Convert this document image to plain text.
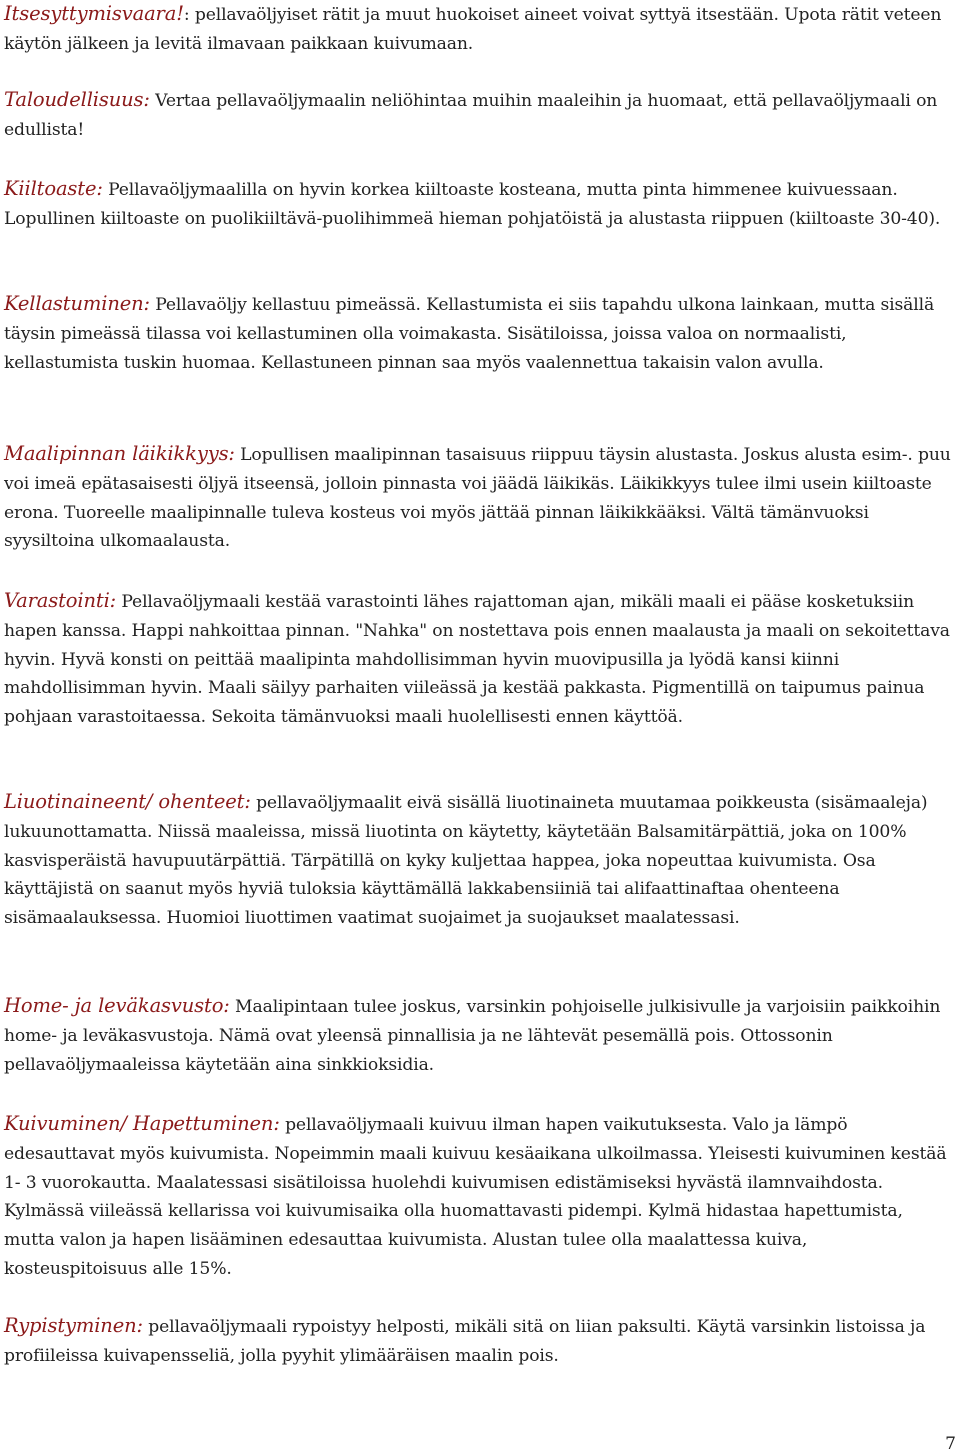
Itsesyttymisvaara!: pellavaöljyiset rätit ja muut huokoiset aineet voivat syttyä itsestään. Upota rätit veteen käytön jälkeen ja levitä ilmavaan paikkaan kuivumaan.

Taloudellisuus: Vertaa pellavaöljymaalin neliöhintaa muihin maaleihin ja huomaat, että pellavaöljymaali on edullista!

Kiiltoaste: Pellavaöljymaalilla on hyvin korkea kiiltoaste kosteana, mutta pinta himmenee kuivuessaan. Lopullinen kiiltoaste on puolikiiltävä-puolihimmeä hieman pohjatöistä ja alustasta riippuen (kiiltoaste 30-40).

Kellastuminen: Pellavaöljy kellastuu pimeässä. Kellastumista ei siis tapahdu ulkona lainkaan, mutta sisällä täysin pimeässä tilassa voi kellastuminen olla voimakasta. Sisätiloissa, joissa valoa on normaalisti, kellastumista tuskin huomaa. Kellastuneen pinnan saa myös vaalennettua takaisin valon avulla.

Maalipinnan läikikkyys: Lopullisen maalipinnan tasaisuus riippuu täysin alustasta. Joskus alusta esim-. puu voi imeä epätasaisesti öljyä itseensä, jolloin pinnasta voi jäädä läikikäs. Läikikkyys tulee ilmi usein kiiltoaste erona. Tuoreelle maalipinnalle tuleva kosteus voi myös jättää pinnan läikikkääksi. Vältä tämänvuoksi syysiltoina ulkomaalausta.

Varastointi: Pellavaöljymaali kestää varastointi lähes rajattoman ajan, mikäli maali ei pääse kosketuksiin hapen kanssa. Happi nahkoittaa pinnan. "Nahka" on nostettava pois ennen maalausta ja maali on sekoitettava hyvin. Hyvä konsti on peittää maalipinta mahdollisimman hyvin muovipusilla ja lyödä kansi kiinni mahdollisimman hyvin. Maali säilyy parhaiten viileässä ja kestää pakkasta. Pigmentillä on taipumus painua pohjaan varastoitaessa. Sekoita tämänvuoksi maali huolellisesti ennen käyttöä.

Liuotinaineent/ ohenteet: pellavaöljymaalit eivä sisällä liuotinaineta muutamaa poikkeusta (sisämaaleja) lukuunottamatta. Niissä maaleissa, missä liuotinta on käytetty, käytetään Balsamitärpättiä, joka on 100% kasvisperäistä havupuutärpättiä. Tärpätillä on kyky kuljettaa happea, joka nopeuttaa kuivumista. Osa käyttäjistä on saanut myös hyviä tuloksia käyttämällä lakkabensiiniä tai alifaattinaftaa ohenteena sisämaalauksessa. Huomioi liuottimen vaatimat suojaimet ja suojaukset maalatessasi.

Home- ja leväkasvusto: Maalipintaan tulee joskus, varsinkin pohjoiselle julkisivulle ja varjoisiin paikkoihin home- ja leväkasvustoja. Nämä ovat yleensä pinnallisia ja ne lähtevät pesemällä pois. Ottossonin pellavaöljymaaleissa käytetään aina sinkkioksidia.

Kuivuminen/ Hapettuminen: pellavaöljymaali kuivuu ilman hapen vaikutuksesta. Valo ja lämpö edesauttavat myös kuivumista. Nopeimmin maali kuivuu kesäaikana ulkoilmassa. Yleisesti kuivuminen kestää 1- 3 vuorokautta. Maalatessasi sisätiloissa huolehdi kuivumisen edistämiseksi hyvästä ilamnvaihdosta. Kylmässä viileässä kellarissa voi kuivumisaika olla huomattavasti pidempi. Kylmä hidastaa hapettumista, mutta valon ja hapen lisääminen edesauttaa kuivumista. Alustan tulee olla maalattessa kuiva, kosteuspitoisuus alle 15%.

Rypistyminen: pellavaöljymaali rypoistyy helposti, mikäli sitä on liian paksulti. Käytä varsinkin listoissa ja profiileissa kuivapensseliä, jolla pyyhit ylimääräisen maalin pois.

7
